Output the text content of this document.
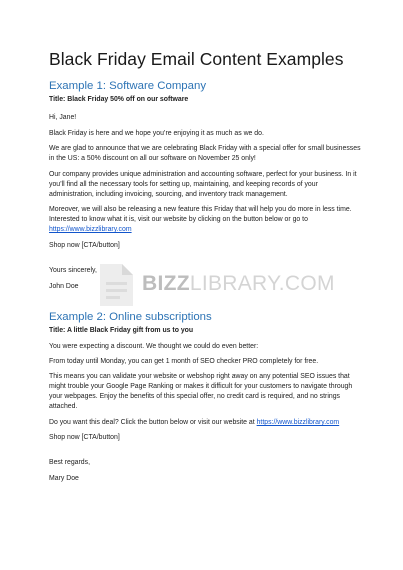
Black Friday Email Content Examples
Example 1: Software Company
Title: Black Friday 50% off on our software
Hi, Jane!
Black Friday is here and we hope you’re enjoying it as much as we do.
We are glad to announce that we are celebrating Black Friday with a special offer for small businesses
in the US: a 50% discount on all our software on November 25 only!
Our company provides unique administration and accounting software, perfect for your business. In it
you’ll find all the necessary tools for setting up, maintaining, and keeping records of your
administration, including invoicing, sourcing, and inventory track management.
Moreover, we will also be releasing a new feature this Friday that will help you do more in less time.
Interested to know what it is, visit our website by clicking on the button below or go to
https://www.bizzlibrary.com
Shop now [CTA/button]
Yours sincerely,
John Doe	BIZZLIBRARY.COM
Example 2: Online subscriptions
Title: A little Black Friday gift from us to you
You were expecting a discount. We thought we could do even better:
From today until Monday, you can get 1 month of SEO checker PRO completely for free.
This means you can validate your website or webshop right away on any potential SEO issues that
might trouble your Google Page Ranking or makes it difficult for your customers to navigate through
your webpages. Enjoy the benefits of this special offer, no credit card is required, and no strings
attached.
Do you want this deal? Click the button below or visit our website at https://www.bizzlibrary.com
Shop now [CTA/button]
Best regards,
Mary Doe
